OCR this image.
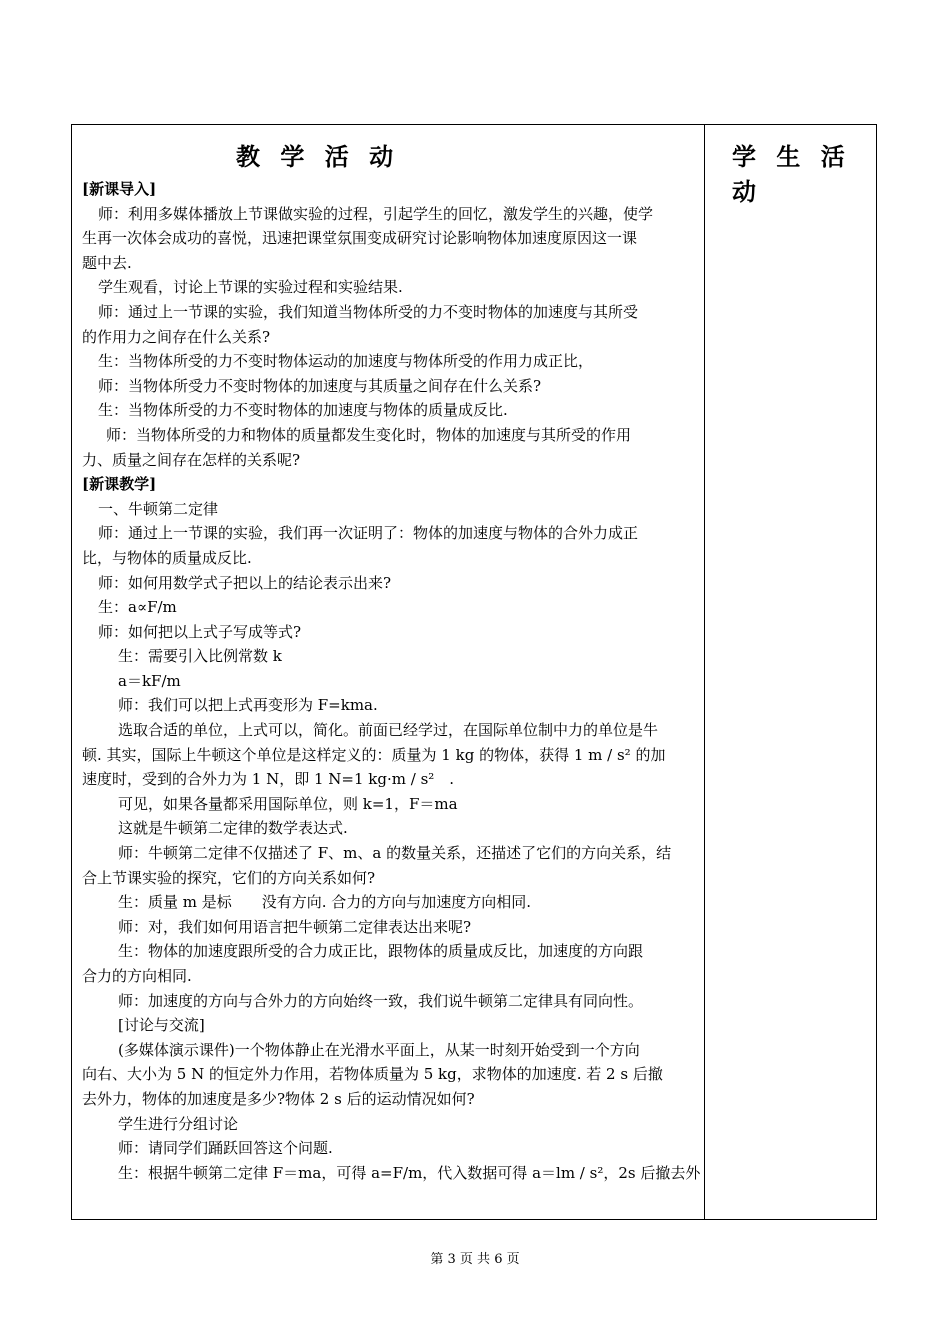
教 学 活 动	学 生 活 动
[新课导入]
师：利用多媒体播放上节课做实验的过程，引起学生的回忆，激发学生的兴趣，使学
生再一次体会成功的喜悦，迅速把课堂氛围变成研究讨论影响物体加速度原因这一课
题中去.
学生观看，讨论上节课的实验过程和实验结果.
师：通过上一节课的实验，我们知道当物体所受的力不变时物体的加速度与其所受
的作用力之间存在什么关系?
生：当物体所受的力不变时物体运动的加速度与物体所受的作用力成正比，
师：当物体所受力不变时物体的加速度与其质量之间存在什么关系?
生：当物体所受的力不变时物体的加速度与物体的质量成反比.
师：当物体所受的力和物体的质量都发生变化时，物体的加速度与其所受的作用
力、质量之间存在怎样的关系呢?
[新课教学]
一、牛顿第二定律
师：通过上一节课的实验，我们再一次证明了：物体的加速度与物体的合外力成正
比，与物体的质量成反比.
师：如何用数学式子把以上的结论表示出来?
生：a∝F/m
师：如何把以上式子写成等式?
生：需要引入比例常数 k
a＝kF/m
师：我们可以把上式再变形为 F=kma.
选取合适的单位，上式可以，简化。前面已经学过，在国际单位制中力的单位是牛
顿. 其实，国际上牛顿这个单位是这样定义的：质量为 1 kg 的物体，获得 1 m / s² 的加
速度时，受到的合外力为 1 N，即 1 N=1 kg·m / s²　.
可见，如果各量都采用国际单位，则 k=1，F＝ma
这就是牛顿第二定律的数学表达式.
师：牛顿第二定律不仅描述了 F、m、a 的数量关系，还描述了它们的方向关系，结
合上节课实验的探究，它们的方向关系如何?
生：质量 m 是标　　没有方向. 合力的方向与加速度方向相同.
师：对，我们如何用语言把牛顿第二定律表达出来呢?
生：物体的加速度跟所受的合力成正比，跟物体的质量成反比，加速度的方向跟
合力的方向相同.
师：加速度的方向与合外力的方向始终一致，我们说牛顿第二定律具有同向性。
[讨论与交流]
(多媒体演示课件)一个物体静止在光滑水平面上，从某一时刻开始受到一个方向
向右、大小为 5 N 的恒定外力作用，若物体质量为 5 kg，求物体的加速度. 若 2 s 后撤
去外力，物体的加速度是多少?物体 2 s 后的运动情况如何?
学生进行分组讨论
师：请同学们踊跃回答这个问题.
生：根据牛顿第二定律 F＝ma，可得 a=F/m，代入数据可得 a＝lm / s²，2s 后撤去外
第 3 页 共 6 页
